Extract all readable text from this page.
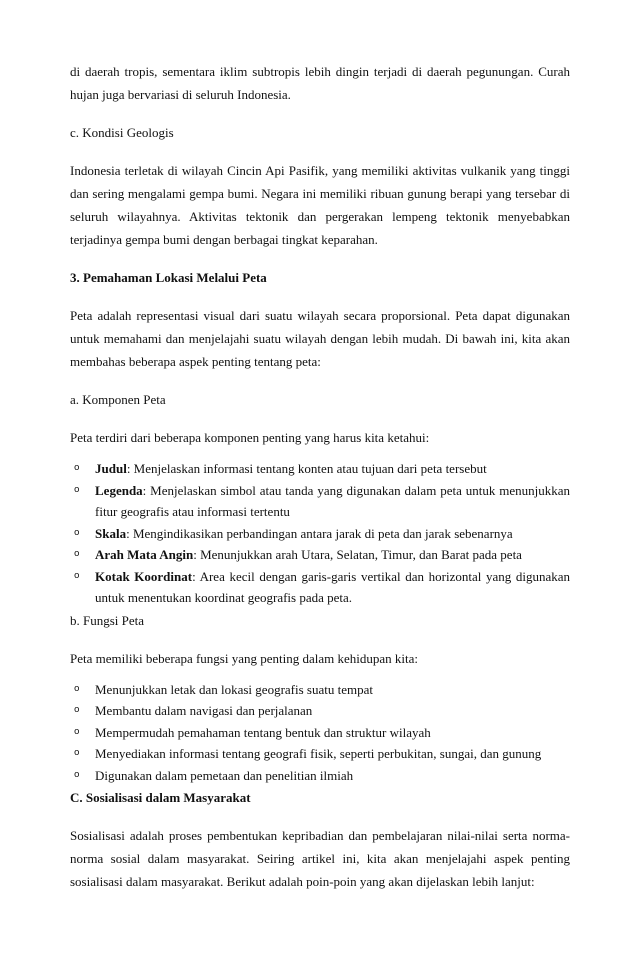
di daerah tropis, sementara iklim subtropis lebih dingin terjadi di daerah pegunungan. Curah hujan juga bervariasi di seluruh Indonesia.

c. Kondisi Geologis

Indonesia terletak di wilayah Cincin Api Pasifik, yang memiliki aktivitas vulkanik yang tinggi dan sering mengalami gempa bumi. Negara ini memiliki ribuan gunung berapi yang tersebar di seluruh wilayahnya. Aktivitas tektonik dan pergerakan lempeng tektonik menyebabkan terjadinya gempa bumi dengan berbagai tingkat keparahan.

3. Pemahaman Lokasi Melalui Peta

Peta adalah representasi visual dari suatu wilayah secara proporsional. Peta dapat digunakan untuk memahami dan menjelajahi suatu wilayah dengan lebih mudah. Di bawah ini, kita akan membahas beberapa aspek penting tentang peta:

a. Komponen Peta

Peta terdiri dari beberapa komponen penting yang harus kita ketahui:

o Judul: Menjelaskan informasi tentang konten atau tujuan dari peta tersebut
o Legenda: Menjelaskan simbol atau tanda yang digunakan dalam peta untuk menunjukkan fitur geografis atau informasi tertentu
o Skala: Mengindikasikan perbandingan antara jarak di peta dan jarak sebenarnya
o Arah Mata Angin: Menunjukkan arah Utara, Selatan, Timur, dan Barat pada peta
o Kotak Koordinat: Area kecil dengan garis-garis vertikal dan horizontal yang digunakan untuk menentukan koordinat geografis pada peta.

b. Fungsi Peta

Peta memiliki beberapa fungsi yang penting dalam kehidupan kita:

o Menunjukkan letak dan lokasi geografis suatu tempat
o Membantu dalam navigasi dan perjalanan
o Mempermudah pemahaman tentang bentuk dan struktur wilayah
o Menyediakan informasi tentang geografi fisik, seperti perbukitan, sungai, dan gunung
o Digunakan dalam pemetaan dan penelitian ilmiah

C. Sosialisasi dalam Masyarakat

Sosialisasi adalah proses pembentukan kepribadian dan pembelajaran nilai-nilai serta norma-norma sosial dalam masyarakat. Seiring artikel ini, kita akan menjelajahi aspek penting sosialisasi dalam masyarakat. Berikut adalah poin-poin yang akan dijelaskan lebih lanjut:
